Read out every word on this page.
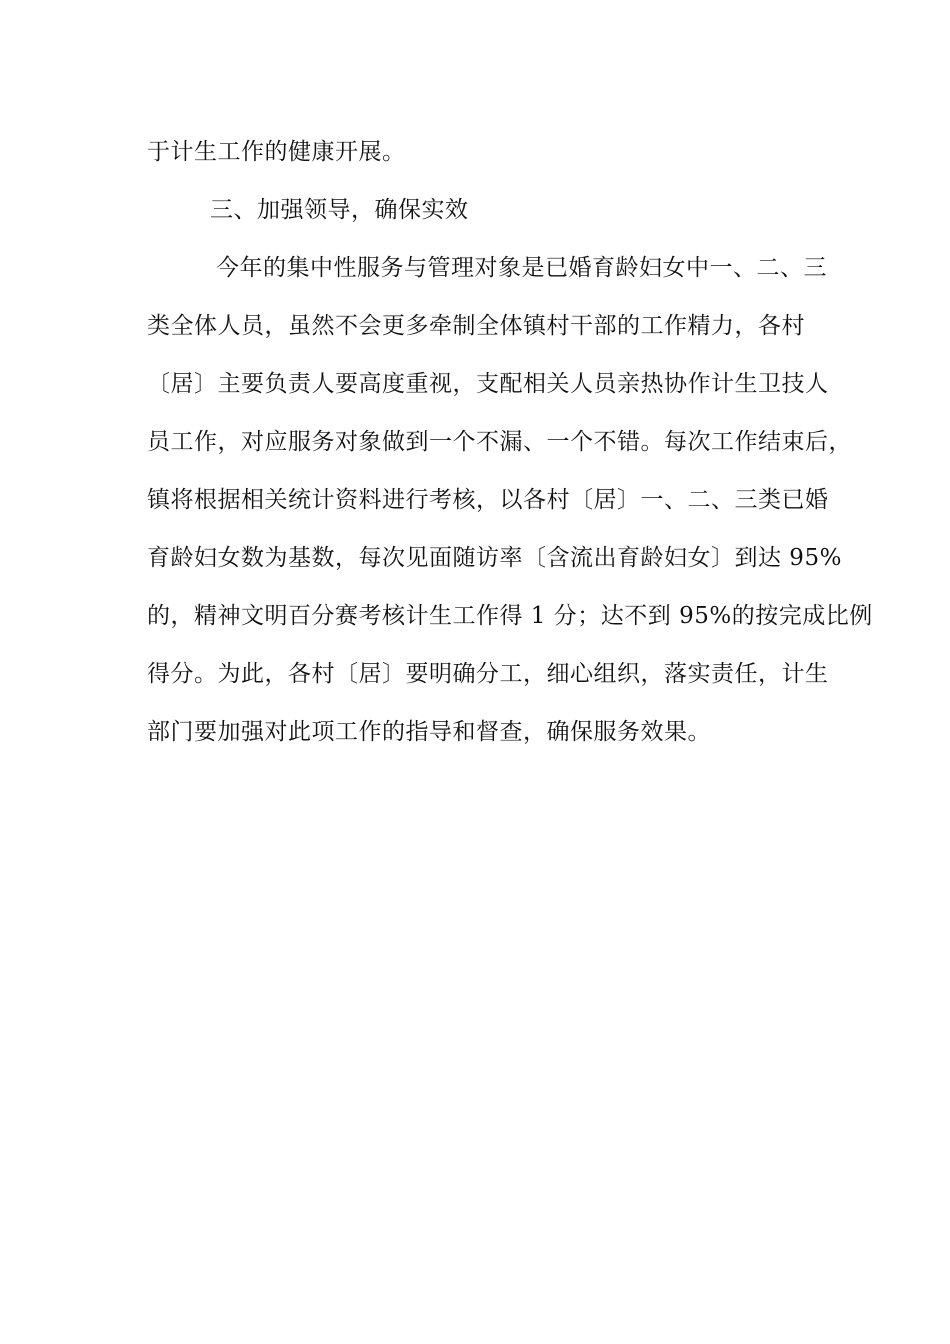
于计生工作的健康开展。
三、加强领导，确保实效
今年的集中性服务与管理对象是已婚育龄妇女中一、二、三
类全体人员，虽然不会更多牵制全体镇村干部的工作精力，各村
〔居〕主要负责人要高度重视，支配相关人员亲热协作计生卫技人
员工作，对应服务对象做到一个不漏、一个不错。每次工作结束后，
镇将根据相关统计资料进行考核，以各村〔居〕一、二、三类已婚
育龄妇女数为基数，每次见面随访率〔含流出育龄妇女〕到达 95%
的，精神文明百分赛考核计生工作得 1 分；达不到 95%的按完成比例
得分。为此，各村〔居〕要明确分工，细心组织，落实责任，计生
部门要加强对此项工作的指导和督查，确保服务效果。
